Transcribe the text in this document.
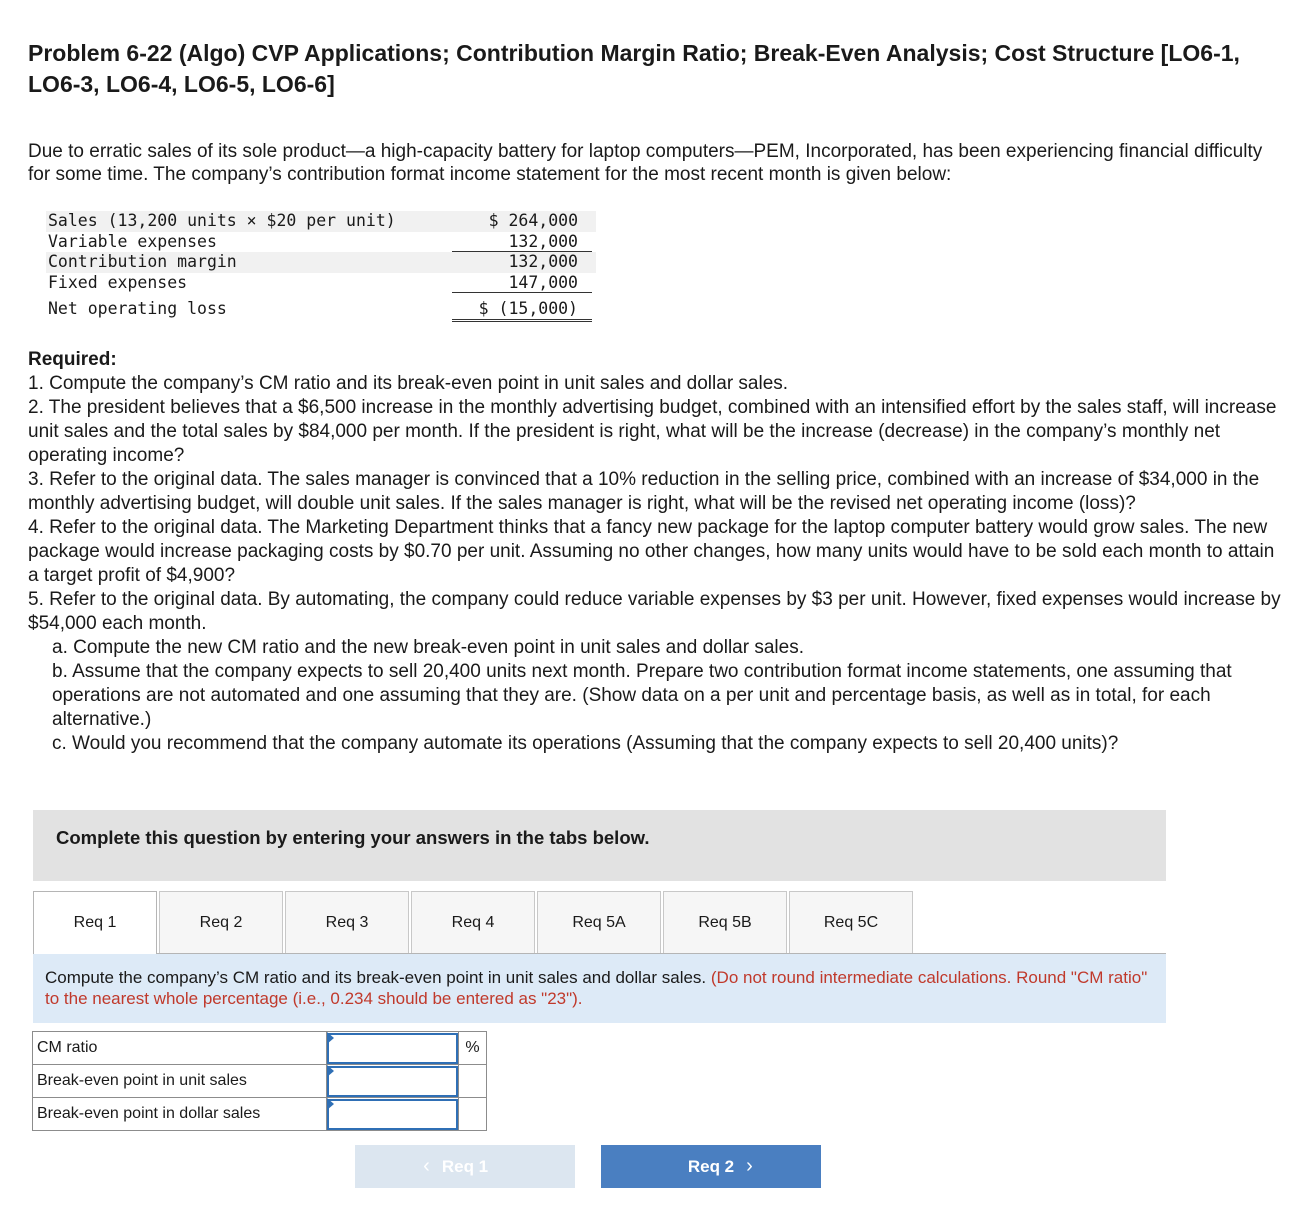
Problem 6-22 (Algo) CVP Applications; Contribution Margin Ratio; Break-Even Analysis; Cost Structure [LO6-1, LO6-3, LO6-4, LO6-5, LO6-6]
Due to erratic sales of its sole product—a high-capacity battery for laptop computers—PEM, Incorporated, has been experiencing financial difficulty for some time. The company’s contribution format income statement for the most recent month is given below:
Sales (13,200 units × $20 per unit)	$ 264,000
Variable expenses	132,000
Contribution margin	132,000
Fixed expenses	147,000
Net operating loss	$ (15,000)
Required:
1. Compute the company’s CM ratio and its break-even point in unit sales and dollar sales.
2. The president believes that a $6,500 increase in the monthly advertising budget, combined with an intensified effort by the sales staff, will increase unit sales and the total sales by $84,000 per month. If the president is right, what will be the increase (decrease) in the company’s monthly net operating income?
3. Refer to the original data. The sales manager is convinced that a 10% reduction in the selling price, combined with an increase of $34,000 in the monthly advertising budget, will double unit sales. If the sales manager is right, what will be the revised net operating income (loss)?
4. Refer to the original data. The Marketing Department thinks that a fancy new package for the laptop computer battery would grow sales. The new package would increase packaging costs by $0.70 per unit. Assuming no other changes, how many units would have to be sold each month to attain a target profit of $4,900?
5. Refer to the original data. By automating, the company could reduce variable expenses by $3 per unit. However, fixed expenses would increase by $54,000 each month.
a. Compute the new CM ratio and the new break-even point in unit sales and dollar sales.
b. Assume that the company expects to sell 20,400 units next month. Prepare two contribution format income statements, one assuming that operations are not automated and one assuming that they are. (Show data on a per unit and percentage basis, as well as in total, for each alternative.)
c. Would you recommend that the company automate its operations (Assuming that the company expects to sell 20,400 units)?
Complete this question by entering your answers in the tabs below.
Req 1	Req 2	Req 3	Req 4	Req 5A	Req 5B	Req 5C
Compute the company’s CM ratio and its break-even point in unit sales and dollar sales. (Do not round intermediate calculations. Round "CM ratio" to the nearest whole percentage (i.e., 0.234 should be entered as "23").
CM ratio		%
Break-even point in unit sales	

Break-even point in dollar sales	

‹ Req 1	Req 2 ›
